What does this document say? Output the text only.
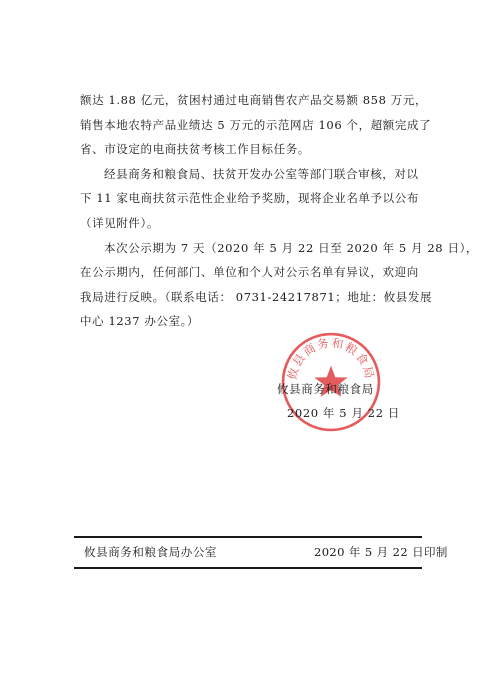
额达 1.88 亿元，贫困村通过电商销售农产品交易额 858 万元，
销售本地农特产品业绩达 5 万元的示范网店 106 个，超额完成了
省、市设定的电商扶贫考核工作目标任务。
经县商务和粮食局、扶贫开发办公室等部门联合审核，对以
下 11 家电商扶贫示范性企业给予奖励，现将企业名单予以公布
（详见附件）。
本次公示期为 7 天（2020 年 5 月 22 日至 2020 年 5 月 28 日），
在公示期内，任何部门、单位和个人对公示名单有异议，欢迎向
我局进行反映。（联系电话： 0731-24217871；地址：攸县发展
中心 1237 办公室。）
攸县商务和粮食局
攸县商务和粮食局
2020 年 5 月 22 日
攸县商务和粮食局办公室	2020 年 5 月 22 日印制
